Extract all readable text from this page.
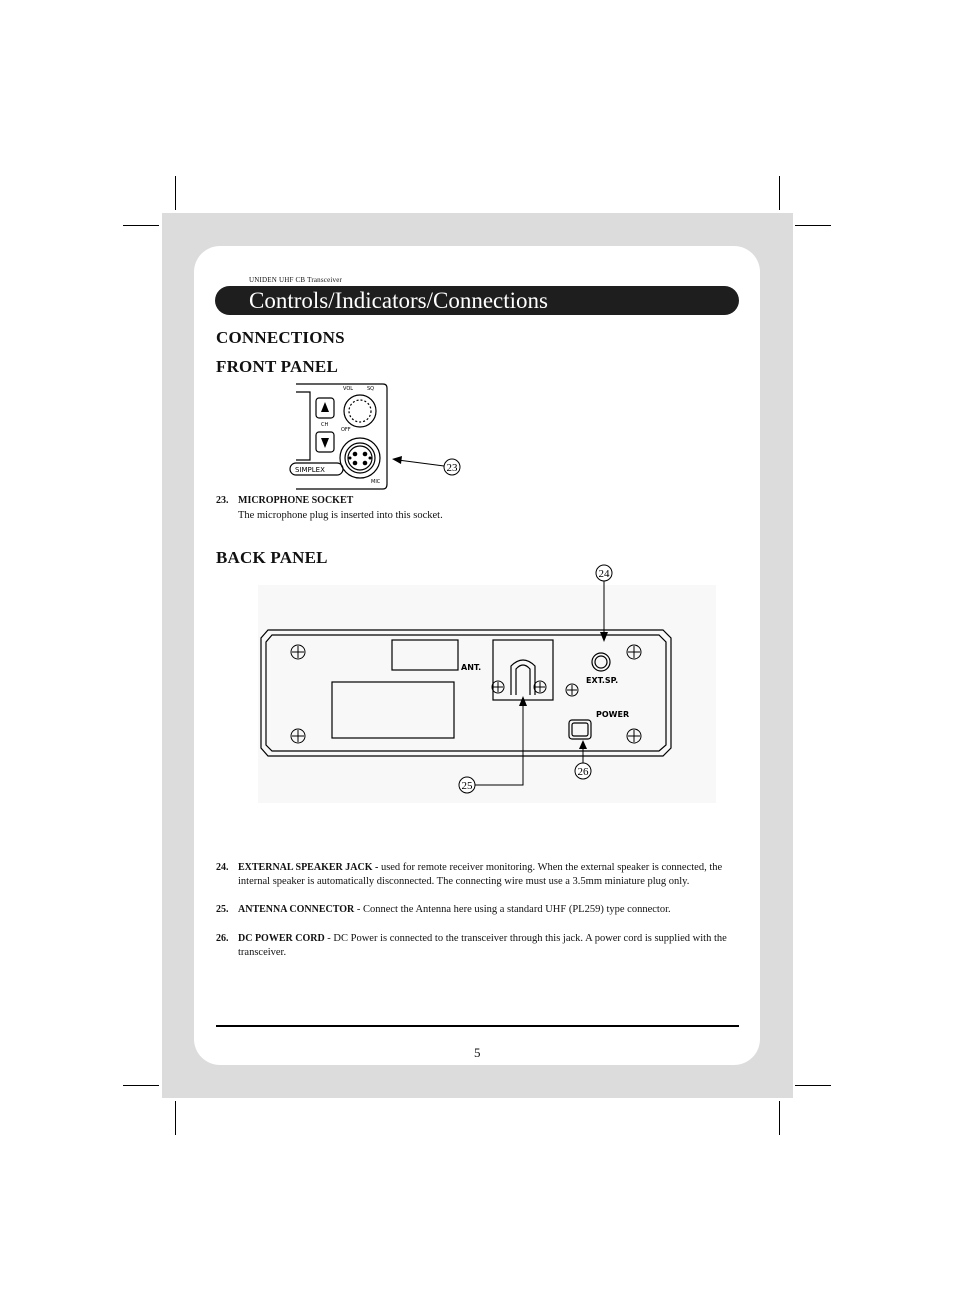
UNIDEN UHF CB Transceiver
Controls/Indicators/Connections
CONNECTIONS
FRONT PANEL
VOL	SQ
CH
OFF
SIMPLEX
MIC
23
23. MICROPHONE SOCKET
The microphone plug is inserted into this socket.
BACK PANEL
ANT.
EXT.SP.
POWER
24
25
26
24. EXTERNAL SPEAKER JACK - used for remote receiver monitoring. When the external speaker is connected, the internal speaker is automatically disconnected. The connecting wire must use a 3.5mm miniature plug only.
25. ANTENNA CONNECTOR - Connect the Antenna here using a standard UHF (PL259) type connector.
26. DC POWER CORD - DC Power is connected to the transceiver through this jack. A power cord is supplied with the transceiver.
5
